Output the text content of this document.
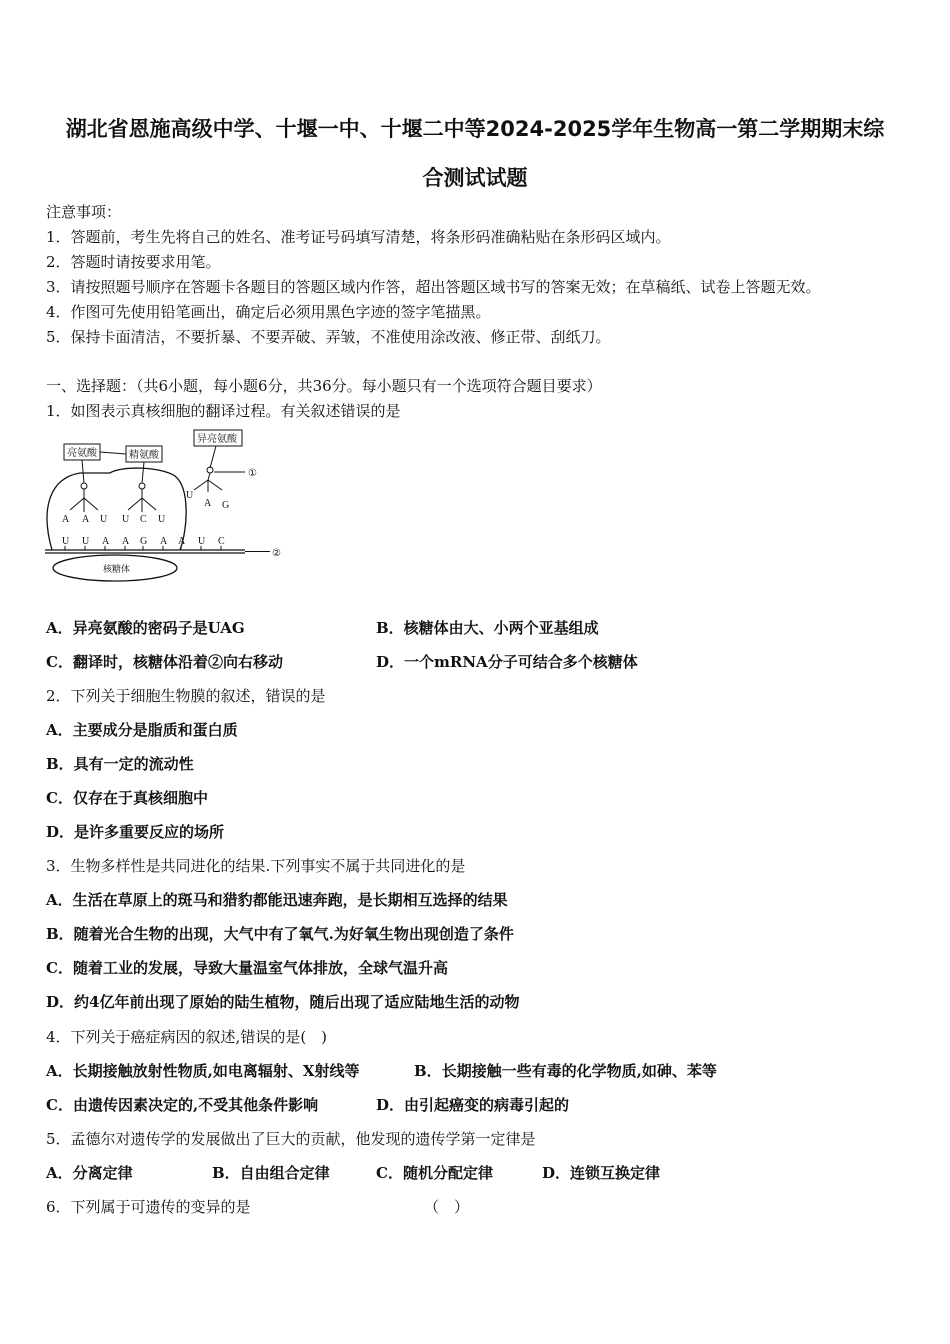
湖北省恩施高级中学、十堰一中、十堰二中等2024-2025学年生物高一第二学期期末综
合测试试题
注意事项：
1．答题前，考生先将自己的姓名、准考证号码填写清楚，将条形码准确粘贴在条形码区域内。
2．答题时请按要求用笔。
3．请按照题号顺序在答题卡各题目的答题区域内作答，超出答题区域书写的答案无效；在草稿纸、试卷上答题无效。
4．作图可先使用铅笔画出，确定后必须用黑色字迹的签字笔描黑。
5．保持卡面清洁，不要折暴、不要弄破、弄皱，不准使用涂改液、修正带、刮纸刀。
一、选择题：（共6小题，每小题6分，共36分。每小题只有一个选项符合题目要求）
1．如图表示真核细胞的翻译过程。有关叙述错误的是
②
核糖体
亮氨酸	精氨酸
异亮氨酸
A A U U C U
①
U
A G
U U A A G A A U C
A．异亮氨酸的密码子是UAG	B．核糖体由大、小两个亚基组成
C．翻译时，核糖体沿着②向右移动	D．一个mRNA分子可结合多个核糖体
2．下列关于细胞生物膜的叙述，错误的是
A．主要成分是脂质和蛋白质
B．具有一定的流动性
C．仅存在于真核细胞中
D．是许多重要反应的场所
3．生物多样性是共同进化的结果.下列事实不属于共同进化的是
A．生活在草原上的斑马和猎豹都能迅速奔跑，是长期相互选择的结果
B．随着光合生物的出现，大气中有了氧气.为好氧生物出现创造了条件
C．随着工业的发展，导致大量温室气体排放，全球气温升高
D．约4亿年前出现了原始的陆生植物，随后出现了适应陆地生活的动物
4．下列关于癌症病因的叙述,错误的是(　)
A．长期接触放射性物质,如电离辐射、X射线等	B．长期接触一些有毒的化学物质,如砷、苯等
C．由遗传因素决定的,不受其他条件影响	D．由引起癌变的病毒引起的
5．孟德尔对遗传学的发展做出了巨大的贡献，他发现的遗传学第一定律是
A．分离定律	B．自由组合定律	C．随机分配定律	D．连锁互换定律
6．下列属于可遗传的变异的是	（　）
